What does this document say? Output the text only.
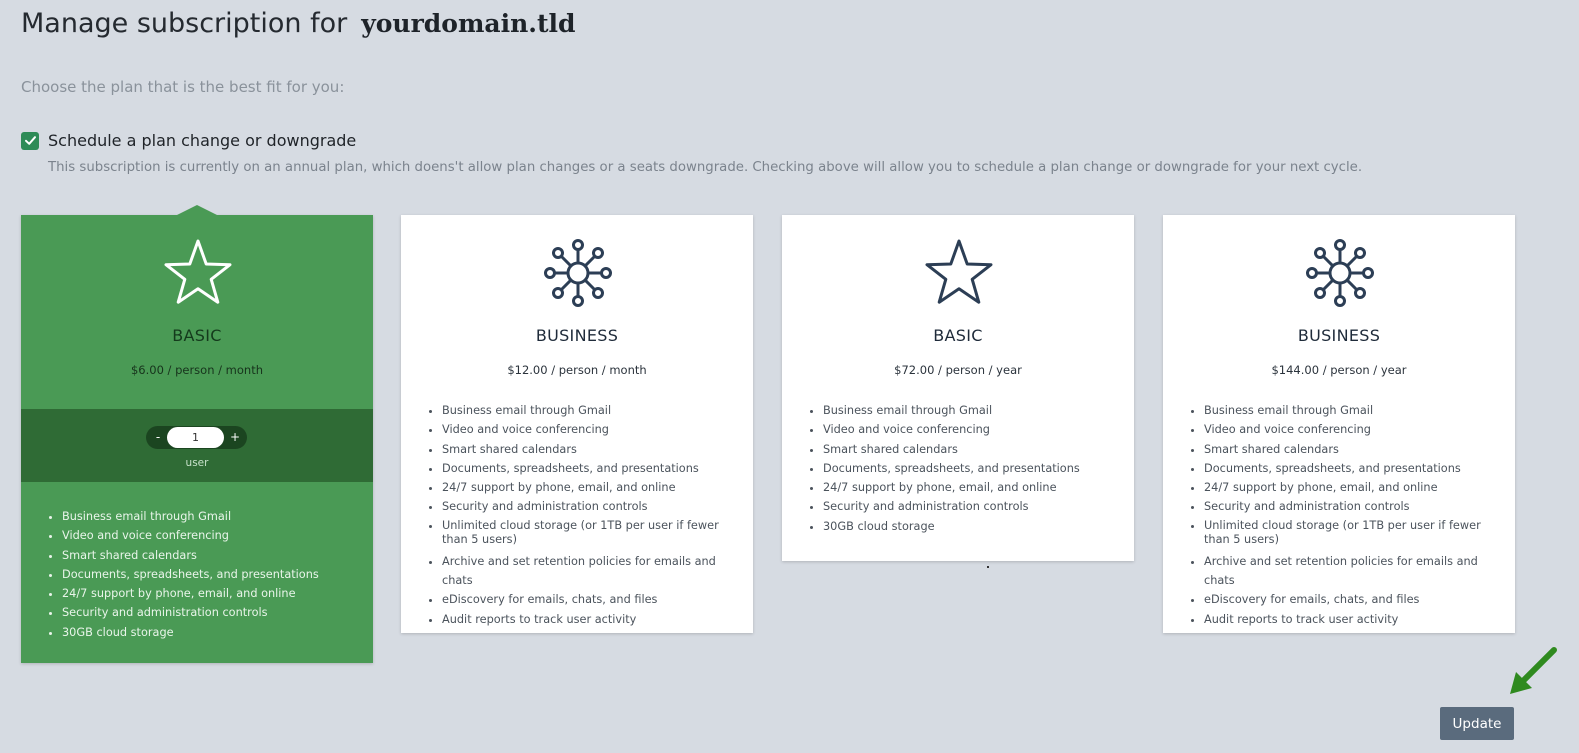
Manage subscription for yourdomain.tld
Choose the plan that is the best fit for you:
Schedule a plan change or downgrade
This subscription is currently on an annual plan, which doens't allow plan changes or a seats downgrade. Checking above will allow you to schedule a plan change or downgrade for your next cycle.
BASIC
$6.00 / person / month
-
1	+
user
• Business email through Gmail
• Video and voice conferencing
• Smart shared calendars
• Documents, spreadsheets, and presentations
• 24/7 support by phone, email, and online
• Security and administration controls
• 30GB cloud storage
BUSINESS
$12.00 / person / month
• Business email through Gmail
• Video and voice conferencing
• Smart shared calendars
• Documents, spreadsheets, and presentations
• 24/7 support by phone, email, and online
• Security and administration controls
• Unlimited cloud storage (or 1TB per user if fewer than 5 users)
• Archive and set retention policies for emails and chats
• eDiscovery for emails, chats, and files
• Audit reports to track user activity
BASIC
$72.00 / person / year
• Business email through Gmail
• Video and voice conferencing
• Smart shared calendars
• Documents, spreadsheets, and presentations
• 24/7 support by phone, email, and online
• Security and administration controls
• 30GB cloud storage
BUSINESS
$144.00 / person / year
• Business email through Gmail
• Video and voice conferencing
• Smart shared calendars
• Documents, spreadsheets, and presentations
• 24/7 support by phone, email, and online
• Security and administration controls
• Unlimited cloud storage (or 1TB per user if fewer than 5 users)
• Archive and set retention policies for emails and chats
• eDiscovery for emails, chats, and files
• Audit reports to track user activity
Update
